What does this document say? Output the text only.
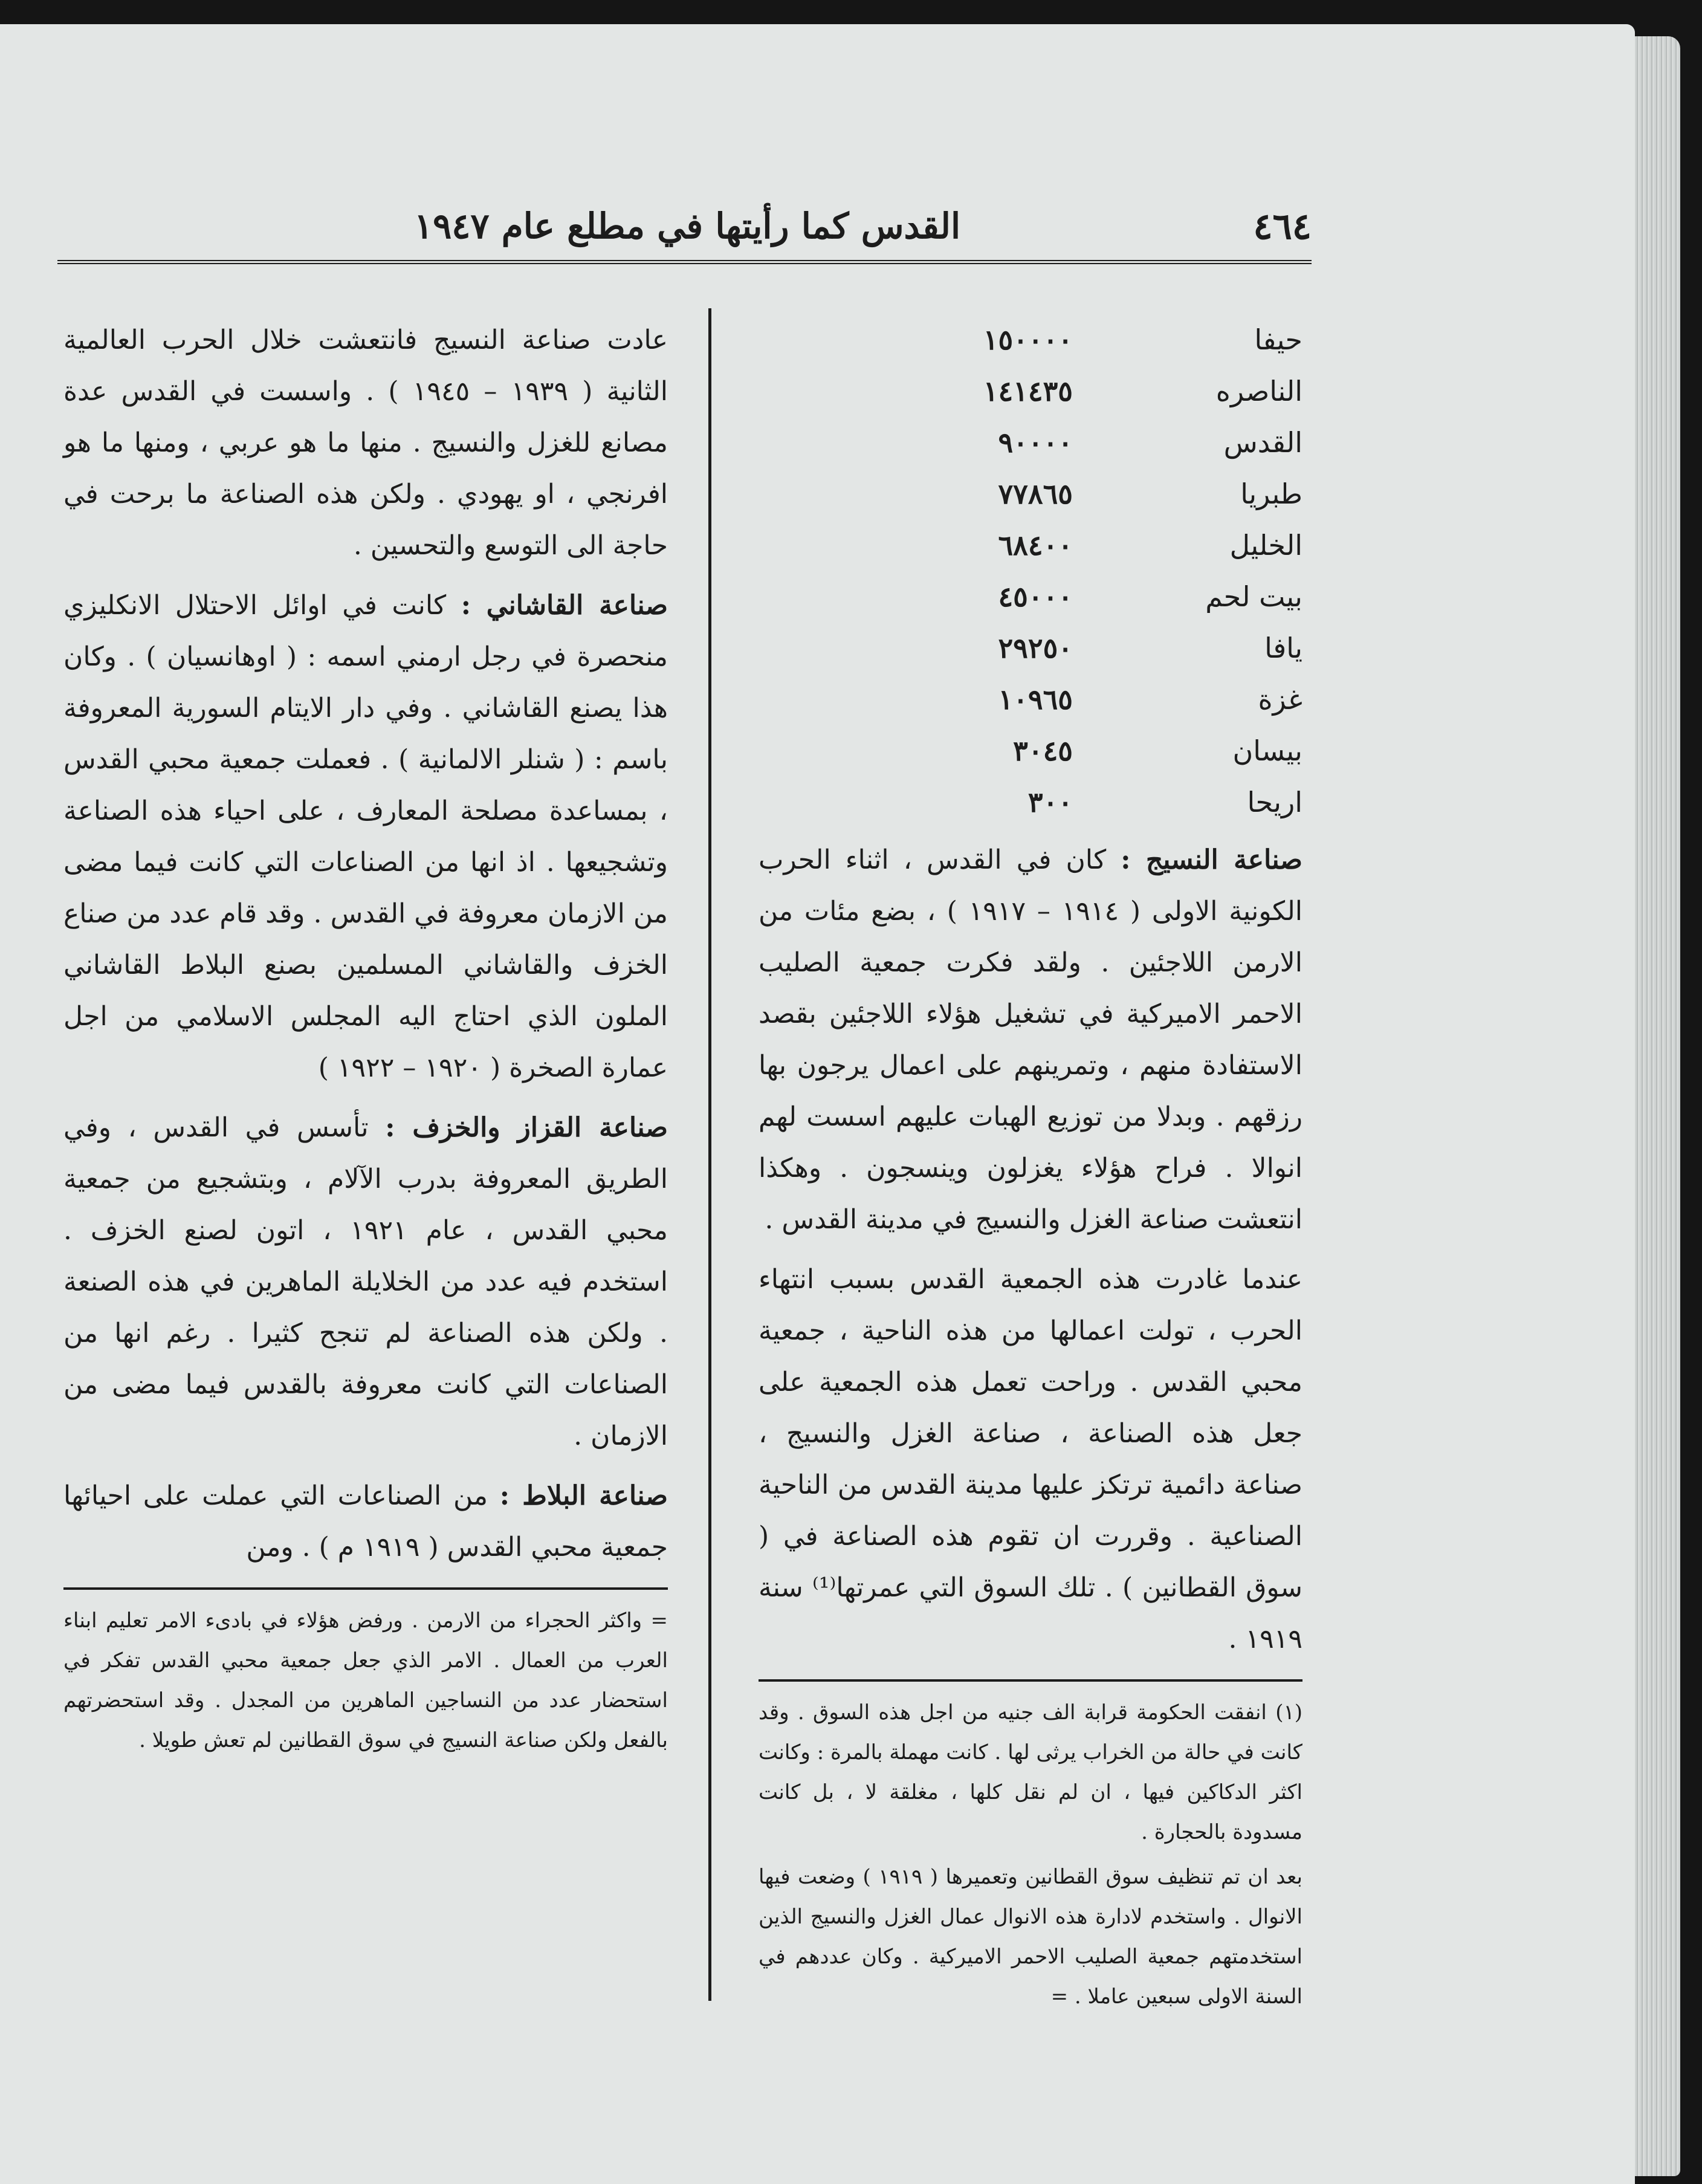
القدس كما رأيتها في مطلع عام ١٩٤٧	٤٦٤
حيفا	١٥٠٠٠٠
الناصره	١٤١٤٣٥
القدس	٩٠٠٠٠
طبريا	٧٧٨٦٥
الخليل	٦٨٤٠٠
بيت لحم	٤٥٠٠٠
يافا	٢٩٢٥٠
غزة	١٠٩٦٥
بيسان	٣٠٤٥
اريحا	٣٠٠

صناعة النسيج : كان في القدس ، اثناء الحرب الكونية الاولى ( ١٩١٤ – ١٩١٧ ) ، بضع مئات من الارمن اللاجئين . ولقد فكرت جمعية الصليب الاحمر الاميركية في تشغيل هؤلاء اللاجئين بقصد الاستفادة منهم ، وتمرينهم على اعمال يرجون بها رزقهم . وبدلا من توزيع الهبات عليهم اسست لهم انوالا . فراح هؤلاء يغزلون وينسجون . وهكذا انتعشت صناعة الغزل والنسيج في مدينة القدس .

عندما غادرت هذه الجمعية القدس بسبب انتهاء الحرب ، تولت اعمالها من هذه الناحية ، جمعية محبي القدس . وراحت تعمل هذه الجمعية على جعل هذه الصناعة ، صناعة الغزل والنسيج ، صناعة دائمية ترتكز عليها مدينة القدس من الناحية الصناعية . وقررت ان تقوم هذه الصناعة في ( سوق القطانين ) . تلك السوق التي عمرتها⁽¹⁾ سنة ١٩١٩ .

(١) انفقت الحكومة قرابة الف جنيه من اجل هذه السوق . وقد كانت في حالة من الخراب يرثى لها . كانت مهملة بالمرة : وكانت اكثر الدكاكين فيها ، ان لم نقل كلها ، مغلقة لا ، بل كانت مسدودة بالحجارة .

بعد ان تم تنظيف سوق القطانين وتعميرها ( ١٩١٩ ) وضعت فيها الانوال . واستخدم لادارة هذه الانوال عمال الغزل والنسيج الذين استخدمتهم جمعية الصليب الاحمر الاميركية . وكان عددهم في السنة الاولى سبعين عاملا . =

عادت صناعة النسيج فانتعشت خلال الحرب العالمية الثانية ( ١٩٣٩ – ١٩٤٥ ) . واسست في القدس عدة مصانع للغزل والنسيج . منها ما هو عربي ، ومنها ما هو افرنجي ، او يهودي . ولكن هذه الصناعة ما برحت في حاجة الى التوسع والتحسين .

صناعة القاشاني : كانت في اوائل الاحتلال الانكليزي منحصرة في رجل ارمني اسمه : ( اوهانسيان ) . وكان هذا يصنع القاشاني . وفي دار الايتام السورية المعروفة باسم : ( شنلر الالمانية ) . فعملت جمعية محبي القدس ، بمساعدة مصلحة المعارف ، على احياء هذه الصناعة وتشجيعها . اذ انها من الصناعات التي كانت فيما مضى من الازمان معروفة في القدس . وقد قام عدد من صناع الخزف والقاشاني المسلمين بصنع البلاط القاشاني الملون الذي احتاج اليه المجلس الاسلامي من اجل عمارة الصخرة ( ١٩٢٠ – ١٩٢٢ )

صناعة القزاز والخزف : تأسس في القدس ، وفي الطريق المعروفة بدرب الآلام ، وبتشجيع من جمعية محبي القدس ، عام ١٩٢١ ، اتون لصنع الخزف . استخدم فيه عدد من الخلايلة الماهرين في هذه الصنعة . ولكن هذه الصناعة لم تنجح كثيرا . رغم انها من الصناعات التي كانت معروفة بالقدس فيما مضى من الازمان .

صناعة البلاط : من الصناعات التي عملت على احيائها جمعية محبي القدس ( ١٩١٩ م ) . ومن

= واكثر الحجراء من الارمن . ورفض هؤلاء في بادىء الامر تعليم ابناء العرب من العمال . الامر الذي جعل جمعية محبي القدس تفكر في استحضار عدد من النساجين الماهرين من المجدل . وقد استحضرتهم بالفعل ولكن صناعة النسيج في سوق القطانين لم تعش طويلا .
